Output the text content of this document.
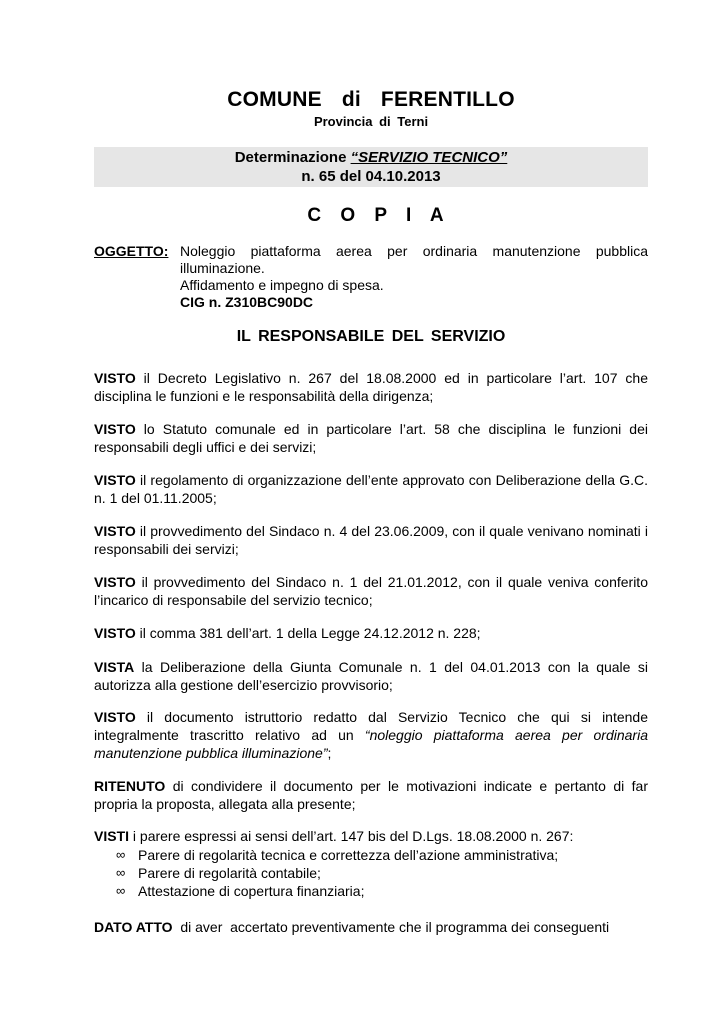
COMUNE di FERENTILLO
Provincia di Terni
Determinazione “SERVIZIO TECNICO”
n. 65 del 04.10.2013
C O P I A
OGGETTO: Noleggio piattaforma aerea per ordinaria manutenzione pubblica
illuminazione.
Affidamento e impegno di spesa.
CIG n. Z310BC90DC
IL RESPONSABILE DEL SERVIZIO
VISTO il Decreto Legislativo n. 267 del 18.08.2000 ed in particolare l’art. 107 che disciplina le funzioni e le responsabilità della dirigenza;
VISTO lo Statuto comunale ed in particolare l’art. 58 che disciplina le funzioni dei responsabili degli uffici e dei servizi;
VISTO il regolamento di organizzazione dell’ente approvato con Deliberazione della G.C. n. 1 del 01.11.2005;
VISTO il provvedimento del Sindaco n. 4 del 23.06.2009, con il quale venivano nominati i responsabili dei servizi;
VISTO il provvedimento del Sindaco n. 1 del 21.01.2012, con il quale veniva conferito l’incarico di responsabile del servizio tecnico;
VISTO il comma 381 dell’art. 1 della Legge 24.12.2012 n. 228;
VISTA la Deliberazione della Giunta Comunale n. 1 del 04.01.2013 con la quale si autorizza alla gestione dell’esercizio provvisorio;
VISTO il documento istruttorio redatto dal Servizio Tecnico che qui si intende integralmente trascritto relativo ad un “noleggio piattaforma aerea per ordinaria manutenzione pubblica illuminazione”;
RITENUTO di condividere il documento per le motivazioni indicate e pertanto di far propria la proposta, allegata alla presente;
VISTI i parere espressi ai sensi dell’art. 147 bis del D.Lgs. 18.08.2000 n. 267:
∞ Parere di regolarità tecnica e correttezza dell’azione amministrativa;
∞ Parere di regolarità contabile;
∞ Attestazione di copertura finanziaria;
DATO ATTO  di aver  accertato preventivamente che il programma dei conseguenti
